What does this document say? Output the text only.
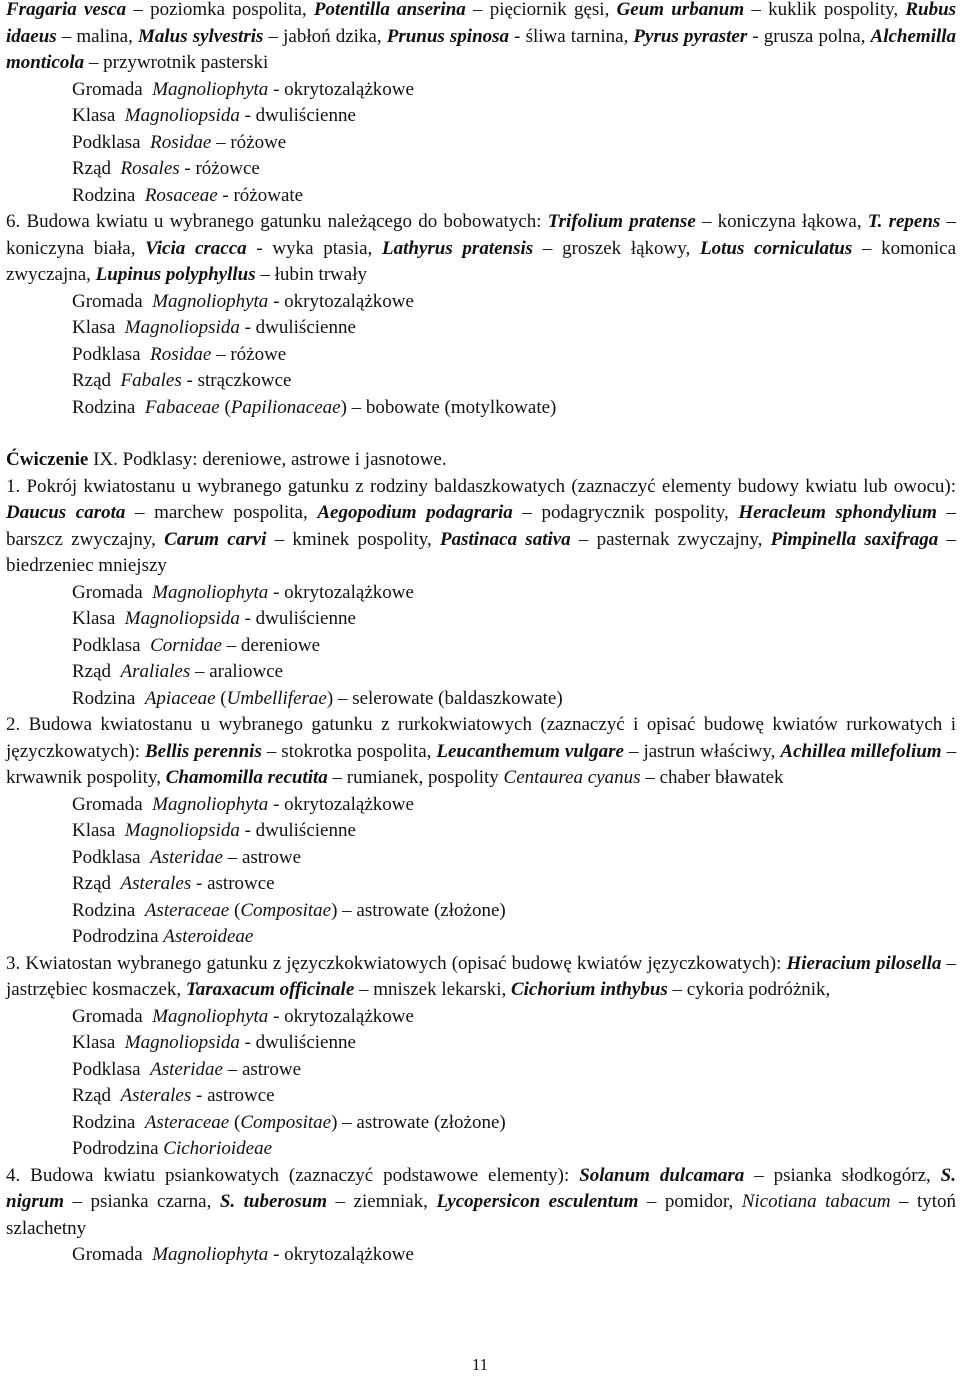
Fragaria vesca – poziomka pospolita, Potentilla anserina – pięciornik gęsi, Geum urbanum – kuklik pospolity, Rubus idaeus – malina, Malus sylvestris – jabłoń dzika, Prunus spinosa - śliwa tarnina, Pyrus pyraster - grusza polna, Alchemilla monticola – przywrotnik pasterski

Gromada Magnoliophyta - okrytozalążkowe

Klasa Magnoliopsida - dwuliścienne

Podklasa Rosidae – różowe

Rząd Rosales - różowce

Rodzina Rosaceae - różowate

6. Budowa kwiatu u wybranego gatunku należącego do bobowatych: Trifolium pratense – koniczyna łąkowa, T. repens – koniczyna biała, Vicia cracca - wyka ptasia, Lathyrus pratensis – groszek łąkowy, Lotus corniculatus – komonica zwyczajna, Lupinus polyphyllus – łubin trwały

Gromada Magnoliophyta - okrytozalążkowe

Klasa Magnoliopsida - dwuliścienne

Podklasa Rosidae – różowe

Rząd Fabales - strączkowce

Rodzina Fabaceae (Papilionaceae) – bobowate (motylkowate)

Ćwiczenie IX. Podklasy: dereniowe, astrowe i jasnotowe.

1. Pokrój kwiatostanu u wybranego gatunku z rodziny baldaszkowatych (zaznaczyć elementy budowy kwiatu lub owocu): Daucus carota – marchew pospolita, Aegopodium podagraria – podagrycznik pospolity, Heracleum sphondylium – barszcz zwyczajny, Carum carvi – kminek pospolity, Pastinaca sativa – pasternak zwyczajny, Pimpinella saxifraga – biedrzeniec mniejszy

Gromada Magnoliophyta - okrytozalążkowe

Klasa Magnoliopsida - dwuliścienne

Podklasa Cornidae – dereniowe

Rząd Araliales – araliowce

Rodzina Apiaceae (Umbelliferae) – selerowate (baldaszkowate)

2. Budowa kwiatostanu u wybranego gatunku z rurkokwiatowych (zaznaczyć i opisać budowę kwiatów rurkowatych i języczkowatych): Bellis perennis – stokrotka pospolita, Leucanthemum vulgare – jastrun właściwy, Achillea millefolium – krwawnik pospolity, Chamomilla recutita – rumianek, pospolity Centaurea cyanus – chaber bławatek

Gromada Magnoliophyta - okrytozalążkowe

Klasa Magnoliopsida - dwuliścienne

Podklasa Asteridae – astrowe

Rząd Asterales - astrowce

Rodzina Asteraceae (Compositae) – astrowate (złożone)

Podrodzina Asteroideae

3. Kwiatostan wybranego gatunku z języczkokwiatowych (opisać budowę kwiatów języczkowatych): Hieracium pilosella – jastrzębiec kosmaczek, Taraxacum officinale – mniszek lekarski, Cichorium inthybus – cykoria podróżnik,

Gromada Magnoliophyta - okrytozalążkowe

Klasa Magnoliopsida - dwuliścienne

Podklasa Asteridae – astrowe

Rząd Asterales - astrowce

Rodzina Asteraceae (Compositae) – astrowate (złożone)

Podrodzina Cichorioideae

4. Budowa kwiatu psiankowatych (zaznaczyć podstawowe elementy): Solanum dulcamara – psianka słodkogórz, S. nigrum – psianka czarna, S. tuberosum – ziemniak, Lycopersicon esculentum – pomidor, Nicotiana tabacum – tytoń szlachetny

Gromada Magnoliophyta - okrytozalążkowe

11
